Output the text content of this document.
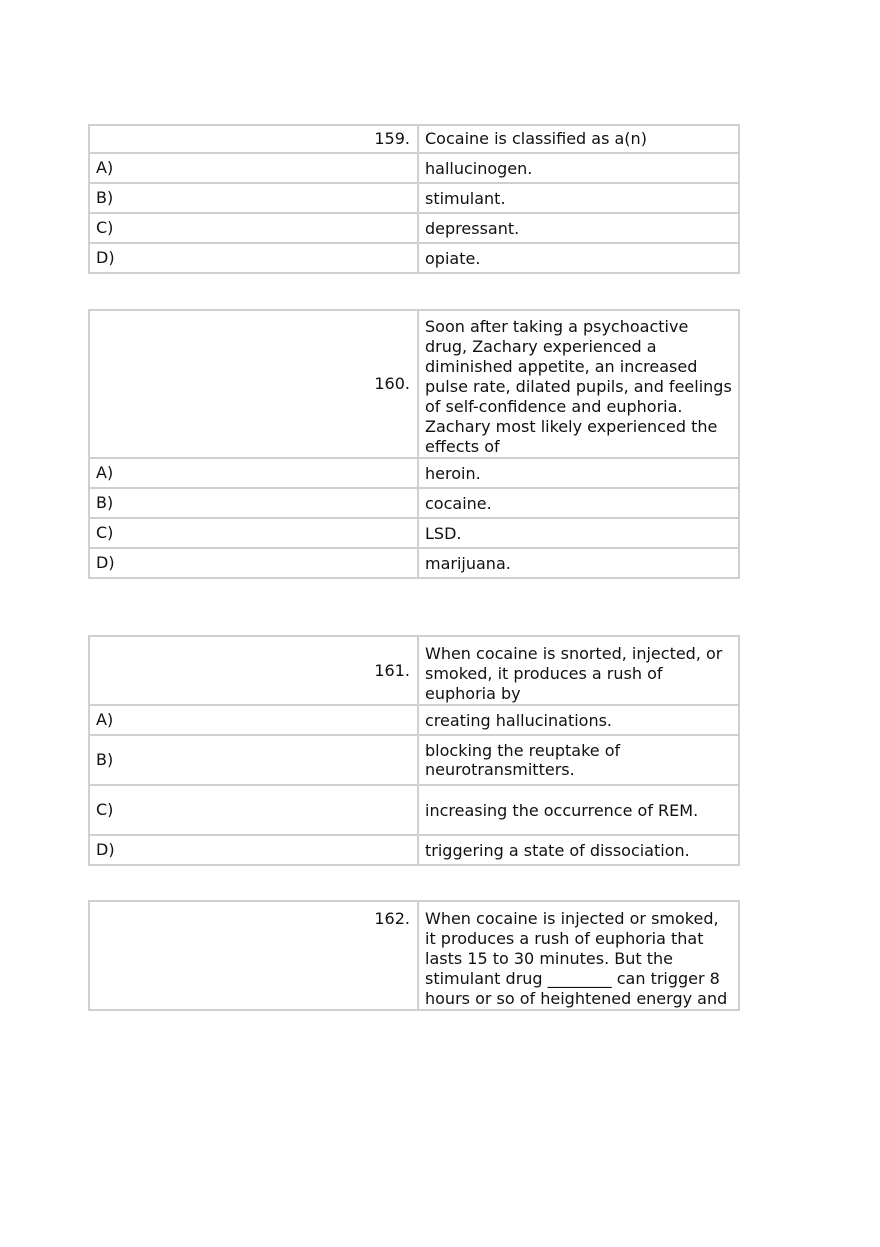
159.	Cocaine is classified as a(n)
A)	hallucinogen.
B)	stimulant.
C)	depressant.
D)	opiate.
160.	Soon after taking a psychoactive drug, Zachary experienced a diminished appetite, an increased pulse rate, dilated pupils, and feelings of self-confidence and euphoria. Zachary most likely experienced the effects of
A)	heroin.
B)	cocaine.
C)	LSD.
D)	marijuana.
161.	When cocaine is snorted, injected, or smoked, it produces a rush of euphoria by
A)	creating hallucinations.
B)	blocking the reuptake of neurotransmitters.
C)	increasing the occurrence of REM.
D)	triggering a state of dissociation.
162.	When cocaine is injected or smoked, it produces a rush of euphoria that lasts 15 to 30 minutes. But the stimulant drug ________ can trigger 8 hours or so of heightened energy and
